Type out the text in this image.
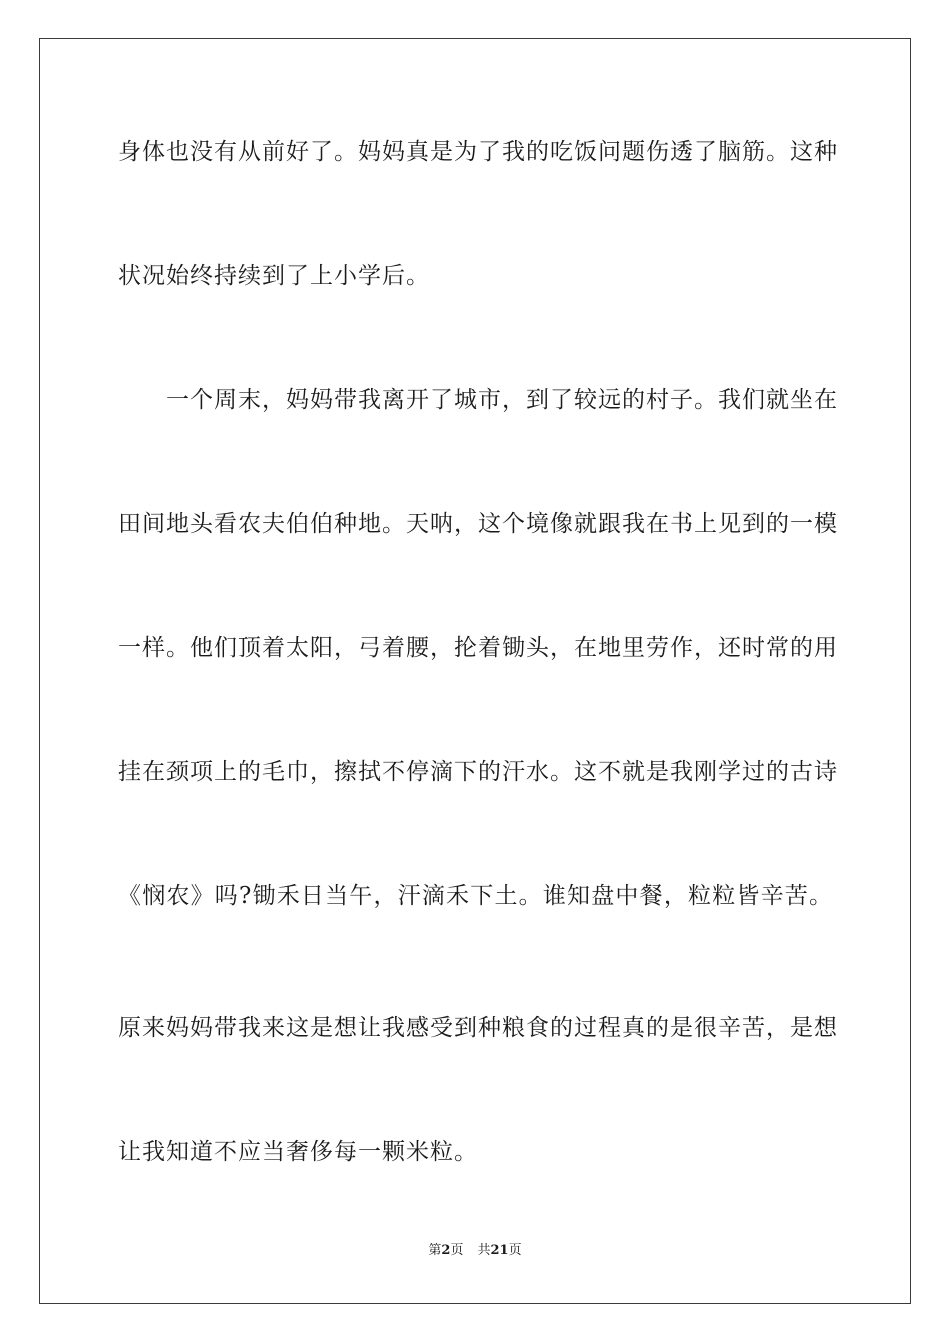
身体也没有从前好了。妈妈真是为了我的吃饭问题伤透了脑筋。这种
状况始终持续到了上小学后。
　　一个周末，妈妈带我离开了城市，到了较远的村子。我们就坐在
田间地头看农夫伯伯种地。天呐，这个境像就跟我在书上见到的一模
一样。他们顶着太阳，弓着腰，抡着锄头，在地里劳作，还时常的用
挂在颈项上的毛巾，擦拭不停滴下的汗水。这不就是我刚学过的古诗
《悯农》吗?锄禾日当午，汗滴禾下土。谁知盘中餐，粒粒皆辛苦。
原来妈妈带我来这是想让我感受到种粮食的过程真的是很辛苦，是想
让我知道不应当奢侈每一颗米粒。
第2页 共21页
